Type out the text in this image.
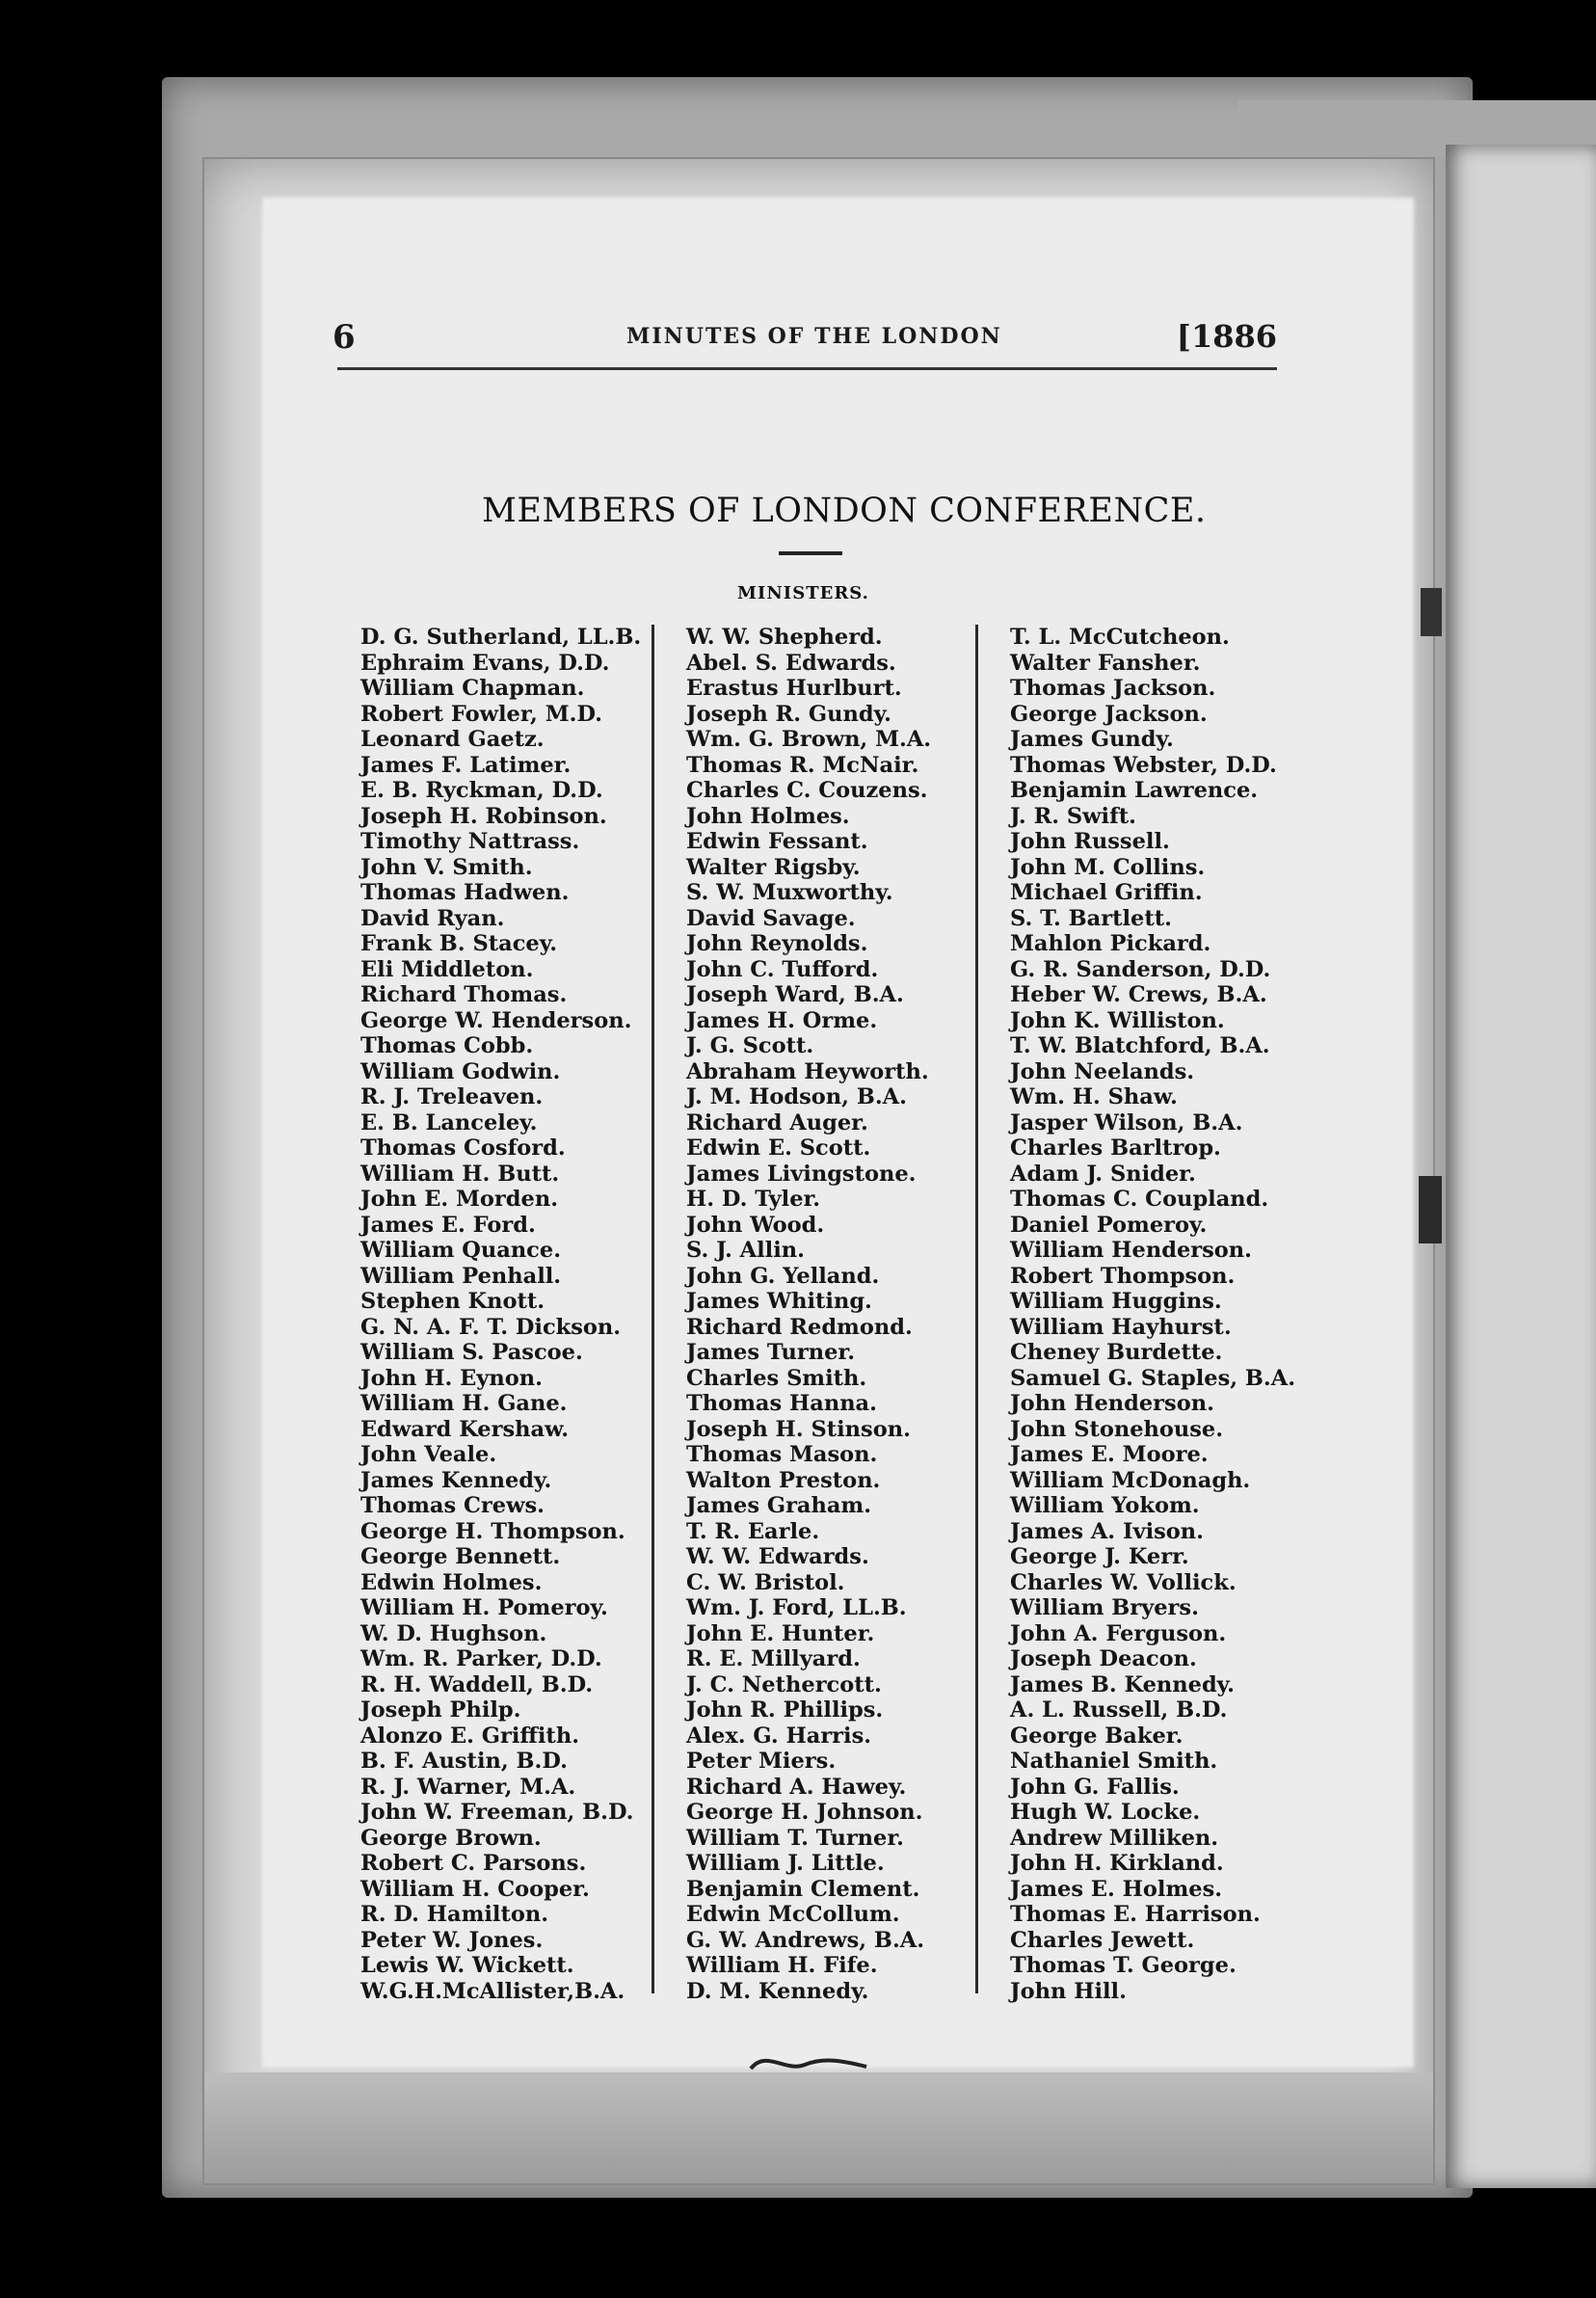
6	MINUTES OF THE LONDON	[1886
MEMBERS OF LONDON CONFERENCE.
MINISTERS.
D. G. Sutherland, LL.B.
Ephraim Evans, D.D.
William Chapman.
Robert Fowler, M.D.
Leonard Gaetz.
James F. Latimer.
E. B. Ryckman, D.D.
Joseph H. Robinson.
Timothy Nattrass.
John V. Smith.
Thomas Hadwen.
David Ryan.
Frank B. Stacey.
Eli Middleton.
Richard Thomas.
George W. Henderson.
Thomas Cobb.
William Godwin.
R. J. Treleaven.
E. B. Lanceley.
Thomas Cosford.
William H. Butt.
John E. Morden.
James E. Ford.
William Quance.
William Penhall.
Stephen Knott.
G. N. A. F. T. Dickson.
William S. Pascoe.
John H. Eynon.
William H. Gane.
Edward Kershaw.
John Veale.
James Kennedy.
Thomas Crews.
George H. Thompson.
George Bennett.
Edwin Holmes.
William H. Pomeroy.
W. D. Hughson.
Wm. R. Parker, D.D.
R. H. Waddell, B.D.
Joseph Philp.
Alonzo E. Griffith.
B. F. Austin, B.D.
R. J. Warner, M.A.
John W. Freeman, B.D.
George Brown.
Robert C. Parsons.
William H. Cooper.
R. D. Hamilton.
Peter W. Jones.
Lewis W. Wickett.
W.G.H.McAllister,B.A.
W. W. Shepherd.
Abel. S. Edwards.
Erastus Hurlburt.
Joseph R. Gundy.
Wm. G. Brown, M.A.
Thomas R. McNair.
Charles C. Couzens.
John Holmes.
Edwin Fessant.
Walter Rigsby.
S. W. Muxworthy.
David Savage.
John Reynolds.
John C. Tufford.
Joseph Ward, B.A.
James H. Orme.
J. G. Scott.
Abraham Heyworth.
J. M. Hodson, B.A.
Richard Auger.
Edwin E. Scott.
James Livingstone.
H. D. Tyler.
John Wood.
S. J. Allin.
John G. Yelland.
James Whiting.
Richard Redmond.
James Turner.
Charles Smith.
Thomas Hanna.
Joseph H. Stinson.
Thomas Mason.
Walton Preston.
James Graham.
T. R. Earle.
W. W. Edwards.
C. W. Bristol.
Wm. J. Ford, LL.B.
John E. Hunter.
R. E. Millyard.
J. C. Nethercott.
John R. Phillips.
Alex. G. Harris.
Peter Miers.
Richard A. Hawey.
George H. Johnson.
William T. Turner.
William J. Little.
Benjamin Clement.
Edwin McCollum.
G. W. Andrews, B.A.
William H. Fife.
D. M. Kennedy.
T. L. McCutcheon.
Walter Fansher.
Thomas Jackson.
George Jackson.
James Gundy.
Thomas Webster, D.D.
Benjamin Lawrence.
J. R. Swift.
John Russell.
John M. Collins.
Michael Griffin.
S. T. Bartlett.
Mahlon Pickard.
G. R. Sanderson, D.D.
Heber W. Crews, B.A.
John K. Williston.
T. W. Blatchford, B.A.
John Neelands.
Wm. H. Shaw.
Jasper Wilson, B.A.
Charles Barltrop.
Adam J. Snider.
Thomas C. Coupland.
Daniel Pomeroy.
William Henderson.
Robert Thompson.
William Huggins.
William Hayhurst.
Cheney Burdette.
Samuel G. Staples, B.A.
John Henderson.
John Stonehouse.
James E. Moore.
William McDonagh.
William Yokom.
James A. Ivison.
George J. Kerr.
Charles W. Vollick.
William Bryers.
John A. Ferguson.
Joseph Deacon.
James B. Kennedy.
A. L. Russell, B.D.
George Baker.
Nathaniel Smith.
John G. Fallis.
Hugh W. Locke.
Andrew Milliken.
John H. Kirkland.
James E. Holmes.
Thomas E. Harrison.
Charles Jewett.
Thomas T. George.
John Hill.
